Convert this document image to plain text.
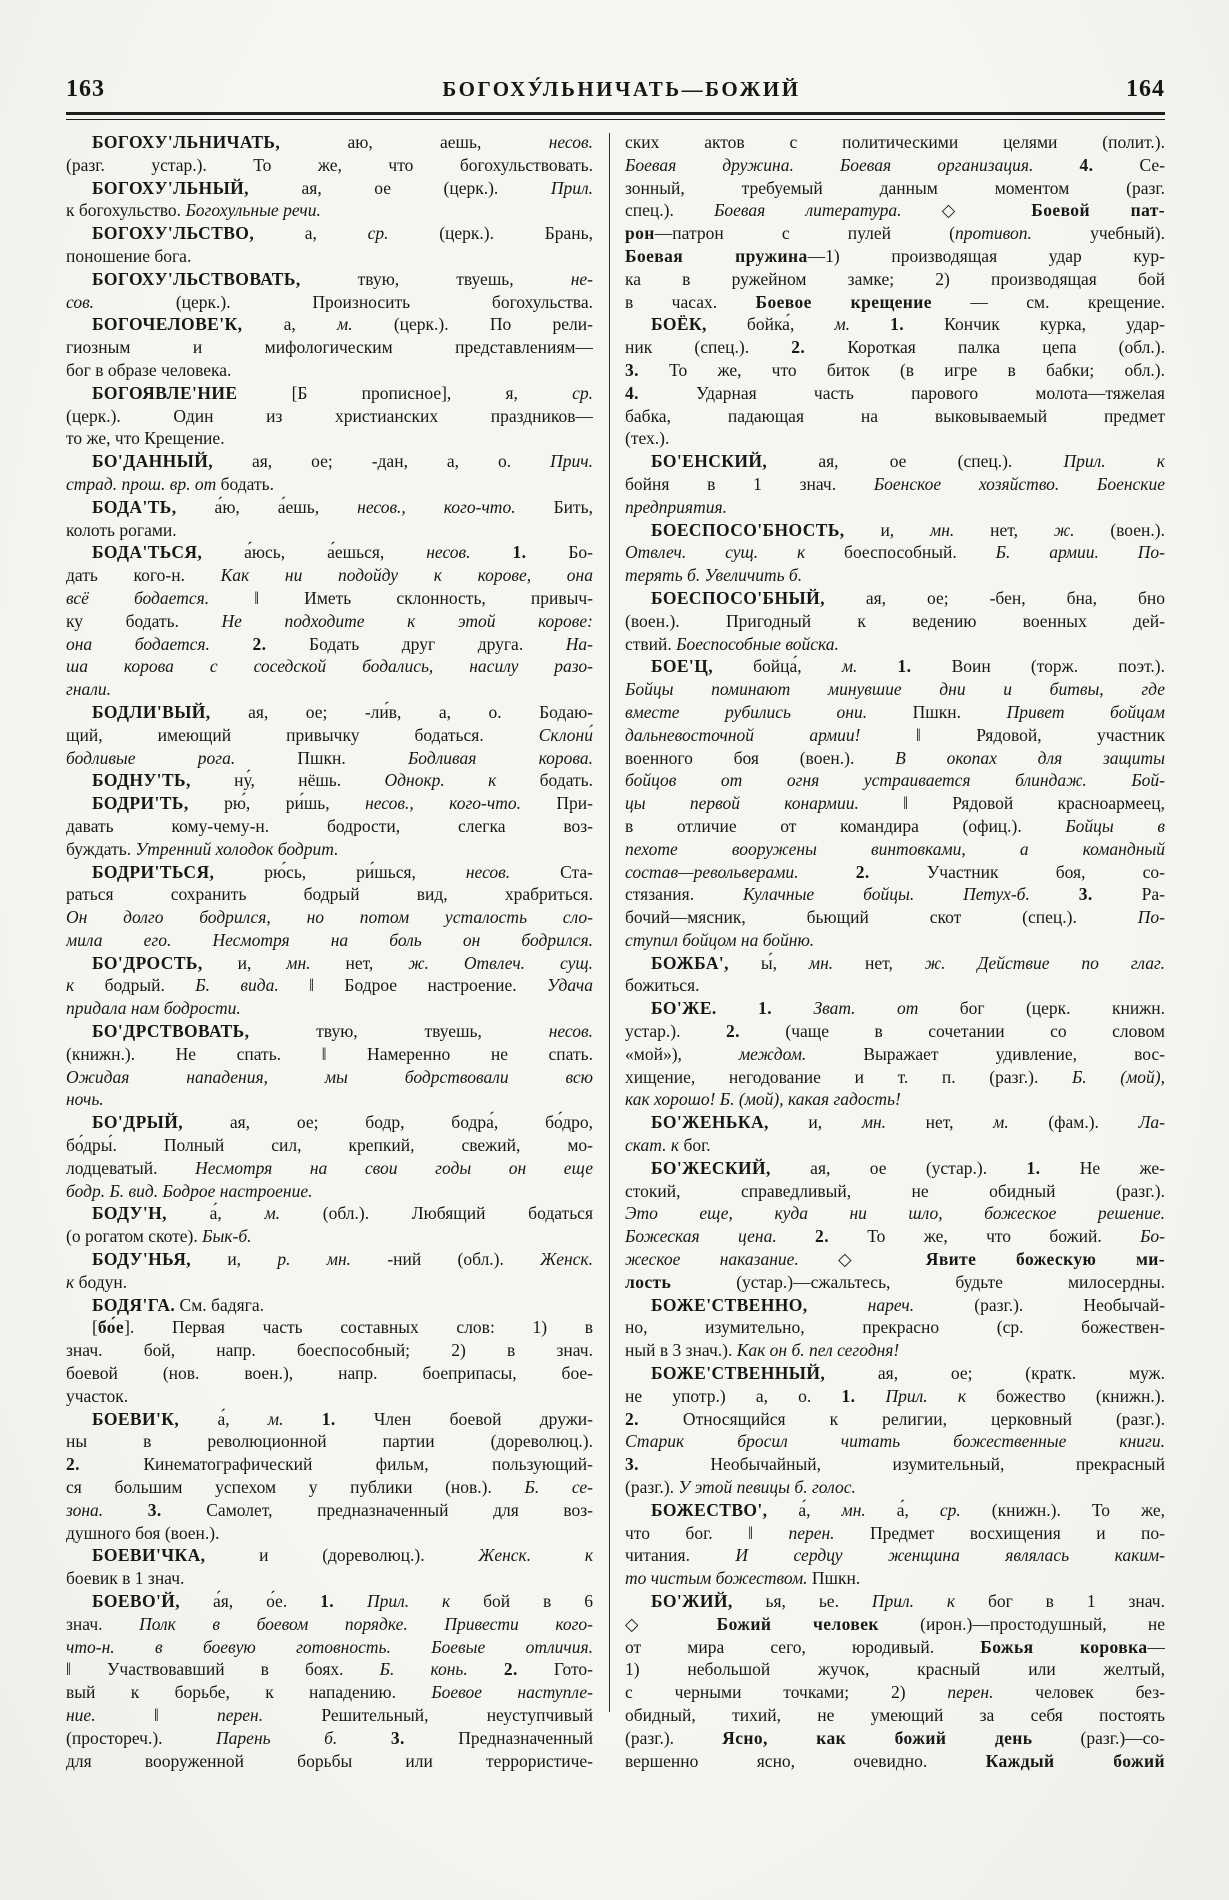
163	БОГОХУ́ЛЬНИЧАТЬ—БОЖИЙ	164
БОГОХУ'ЛЬНИЧАТЬ, аю, аешь, несов.
(разг. устар.). То же, что богохульствовать.
БОГОХУ'ЛЬНЫЙ, ая, ое (церк.). Прил.
к богохульство. Богохульные речи.
БОГОХУ'ЛЬСТВО, а, ср. (церк.). Брань,
поношение бога.
БОГОХУ'ЛЬСТВОВАТЬ, твую, твуешь, не-
сов. (церк.). Произносить богохульства.
БОГОЧЕЛОВЕ'К, а, м. (церк.). По рели-
гиозным и мифологическим представлениям—
бог в образе человека.
БОГОЯВЛЕ'НИЕ [Б прописное], я, ср.
(церк.). Один из христианских праздников—
то же, что Крещение.
БО'ДАННЫЙ, ая, ое; -дан, а, о. Прич.
страд. прош. вр. от бодать.
БОДА'ТЬ, а́ю, а́ешь, несов., кого-что. Бить,
колоть рогами.
БОДА'ТЬСЯ, а́юсь, а́ешься, несов. 1. Бо-
дать кого-н. Как ни подойду к корове, она
всё бодается. ‖ Иметь склонность, привыч-
ку бодать. Не подходите к этой корове:
она бодается. 2. Бодать друг друга. На-
ша корова с соседской бодались, насилу разо-
гнали.
БОДЛИ'ВЫЙ, ая, ое; -ли́в, а, о. Бодаю-
щий, имеющий привычку бодаться. Склони́
бодливые рога. Пшкн. Бодливая корова.
БОДНУ'ТЬ, ну́, нёшь. Однокр. к бодать.
БОДРИ'ТЬ, рю́, ри́шь, несов., кого-что. При-
давать кому-чему-н. бодрости, слегка воз-
буждать. Утренний холодок бодрит.
БОДРИ'ТЬСЯ, рю́сь, ри́шься, несов. Ста-
раться сохранить бодрый вид, храбриться.
Он долго бодрился, но потом усталость сло-
мила его. Несмотря на боль он бодрился.
БО'ДРОСТЬ, и, мн. нет, ж. Отвлеч. сущ.
к бодрый. Б. вида. ‖ Бодрое настроение. Удача
придала нам бодрости.
БО'ДРСТВОВАТЬ, твую, твуешь, несов.
(книжн.). Не спать. ‖ Намеренно не спать.
Ожидая нападения, мы бодрствовали всю
ночь.
БО'ДРЫЙ, ая, ое; бодр, бодра́, бо́дро,
бо́дры́. Полный сил, крепкий, свежий, мо-
лодцеватый. Несмотря на свои годы он еще
бодр. Б. вид. Бодрое настроение.
БОДУ'Н, а́, м. (обл.). Любящий бодаться
(о рогатом скоте). Бык-б.
БОДУ'НЬЯ, и, р. мн. -ний (обл.). Женск.
к бодун.
БОДЯ'ГА. См. бадяга.
[бо́е]. Первая часть составных слов: 1) в
знач. бой, напр. боеспособный; 2) в знач.
боевой (нов. воен.), напр. боеприпасы, бое-
участок.
БОЕВИ'К, а́, м. 1. Член боевой дружи-
ны в революционной партии (дореволюц.).
2. Кинематографический фильм, пользующий-
ся большим успехом у публики (нов.). Б. се-
зона.	3. Самолет, предназначенный для воз-
душного боя (воен.).
БОЕВИ'ЧКА, и (дореволюц.). Женск. к
боевик в 1 знач.
БОЕВО'Й, а́я, о́е. 1. Прил. к бой в 6
знач. Полк в боевом порядке. Привести кого-
что-н. в боевую готовность. Боевые отличия.
‖ Участвовавший в боях. Б. конь. 2. Гото-
вый к борьбе, к нападению. Боевое наступле-
ние. ‖ перен. Решительный, неуступчивый
(простореч.). Парень б.	3. Предназначенный
для вооруженной борьбы или террористиче-
ских актов с политическими целями (полит.).
Боевая дружина. Боевая организация.	4. Се-
зонный, требуемый данным моментом (разг.
спец.). Боевая литература. ◇ Боевой пат-
рон—патрон с пулей (противоп. учебный).
Боевая пружина—1) производящая удар кур-
ка в ружейном замке; 2) производящая бой
в часах. Боевое крещение — см. крещение.
БОЁК, бойка́, м. 1. Кончик курка, удар-
ник (спец.). 2. Короткая палка цепа (обл.).
3. То же, что биток (в игре в бабки; обл.).
4. Ударная часть парового молота—тяжелая
бабка, падающая на выковываемый предмет
(тех.).
БО'ЕНСКИЙ, ая, ое (спец.). Прил. к
бойня в 1 знач. Боенское хозяйство. Боенские
предприятия.
БОЕСПОСО'БНОСТЬ, и, мн. нет, ж. (воен.).
Отвлеч. сущ. к боеспособный. Б. армии. По-
терять б. Увеличить б.
БОЕСПОСО'БНЫЙ, ая, ое; -бен, бна, бно
(воен.). Пригодный к ведению военных дей-
ствий. Боеспособные войска.
БОЕ'Ц, бойца́, м. 1. Воин (торж. поэт.).
Бойцы поминают минувшие дни и битвы, где
вместе рубились они. Пшкн. Привет бойцам
дальневосточной армии! ‖ Рядовой, участник
военного боя (воен.). В окопах для защиты
бойцов от огня устраивается блиндаж. Бой-
цы первой конармии. ‖ Рядовой красноармеец,
в отличие от командира (офиц.). Бойцы в
пехоте вооружены винтовками, а командный
состав—револьверами.	2. Участник боя, со-
стязания. Кулачные бойцы. Петух-б.	3. Ра-
бочий—мясник, бьющий скот (спец.). По-
ступил бойцом на бойню.
БОЖБА', ы́, мн. нет, ж. Действие по глаг.
божиться.
БО'ЖЕ. 1. Зват. от бог (церк. книжн.
устар.). 2. (чаще в сочетании со словом
«мой»), междом. Выражает удивление, вос-
хищение, негодование и т. п. (разг.). Б. (мой),
как хорошо! Б. (мой), какая гадость!
БО'ЖЕНЬКА, и, мн. нет, м. (фам.). Ла-
скат. к бог.
БО'ЖЕСКИЙ, ая, ое (устар.). 1. Не же-
стокий, справедливый, не обидный (разг.).
Это еще, куда ни шло, божеское решение.
Божеская цена. 2. То же, что божий. Бо-
жеское наказание. ◇ Явите божескую ми-
лость (устар.)—сжальтесь, будьте милосердны.
БОЖЕ'СТВЕННО,	нареч. (разг.). Необычай-
но, изумительно, прекрасно (ср. божествен-
ный в 3 знач.). Как он б. пел сегодня!
БОЖЕ'СТВЕННЫЙ, ая, ое; (кратк. муж.
не употр.) а, о. 1. Прил. к божество (книжн.).
2. Относящийся к религии, церковный (разг.).
Старик бросил читать божественные книги.
3. Необычайный, изумительный, прекрасный
(разг.). У этой певицы б. голос.
БОЖЕСТВО', а́, мн. а́, ср. (книжн.). То же,
что бог. ‖ перен. Предмет восхищения и по-
читания. И сердцу женщина являлась каким-
то чистым божеством. Пшкн.
БО'ЖИЙ, ья, ье. Прил. к бог в 1 знач.
◇ Божий человек (ирон.)—простодушный, не
от мира сего, юродивый. Божья коровка—
1) небольшой жучок, красный или желтый,
с черными точками; 2) перен. человек без-
обидный, тихий, не умеющий за себя постоять
(разг.). Ясно, как божий день (разг.)—со-
вершенно ясно, очевидно. Каждый божий
